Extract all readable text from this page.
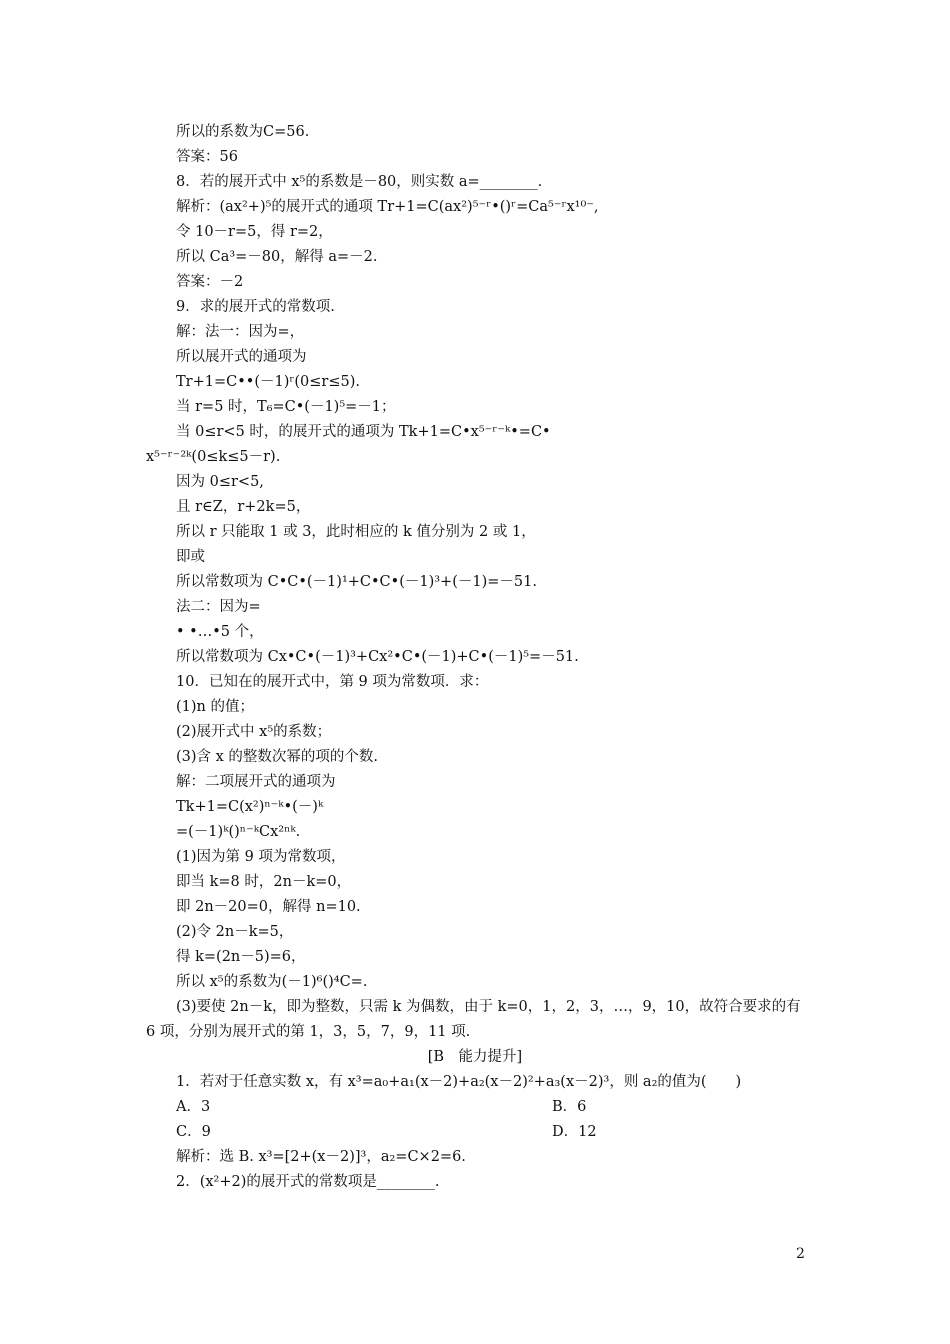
所以的系数为C=56.
答案：56
8．若的展开式中 x⁵的系数是－80，则实数 a=________.
解析：(ax²+)⁵的展开式的通项 Tr+1=C(ax²)⁵⁻ʳ•()ʳ=Ca⁵⁻ʳx¹⁰⁻,
令 10－r=5，得 r=2，
所以 Ca³=－80，解得 a=－2.
答案：－2
9．求的展开式的常数项.
解：法一：因为=，
所以展开式的通项为
Tr+1=C••(－1)ʳ(0≤r≤5).
当 r=5 时，T₆=C•(－1)⁵=－1；
当 0≤r<5 时，的展开式的通项为 Tk+1=C•x⁵⁻ʳ⁻ᵏ•=C•
x⁵⁻ʳ⁻²ᵏ(0≤k≤5－r).
因为 0≤r<5,
且 r∈Z，r+2k=5，
所以 r 只能取 1 或 3，此时相应的 k 值分别为 2 或 1，
即或
所以常数项为 C•C•(－1)¹+C•C•(－1)³+(－1)=－51.
法二：因为=
• •…•5 个，
所以常数项为 Cx•C•(－1)³+Cx²•C•(－1)+C•(－1)⁵=－51.
10．已知在的展开式中，第 9 项为常数项．求：
(1)n 的值；
(2)展开式中 x⁵的系数；
(3)含 x 的整数次幂的项的个数.
解：二项展开式的通项为
Tk+1=C(x²)ⁿ⁻ᵏ•(－)ᵏ
=(－1)ᵏ()ⁿ⁻ᵏCx²ⁿᵏ.
(1)因为第 9 项为常数项，
即当 k=8 时，2n－k=0，
即 2n－20=0，解得 n=10.
(2)令 2n－k=5，
得 k=(2n－5)=6，
所以 x⁵的系数为(－1)⁶()⁴C=.
(3)要使 2n－k，即为整数，只需 k 为偶数，由于 k=0，1，2，3，…，9，10，故符合要求的有
6 项，分别为展开式的第 1，3，5，7，9，11 项.
[B　能力提升]
1．若对于任意实数 x，有 x³=a₀+a₁(x－2)+a₂(x－2)²+a₃(x－2)³，则 a₂的值为(　　)
A．3	B．6
C．9	D．12
解析：选 B. x³=[2+(x－2)]³，a₂=C×2=6.
2．(x²+2)的展开式的常数项是________.
2
